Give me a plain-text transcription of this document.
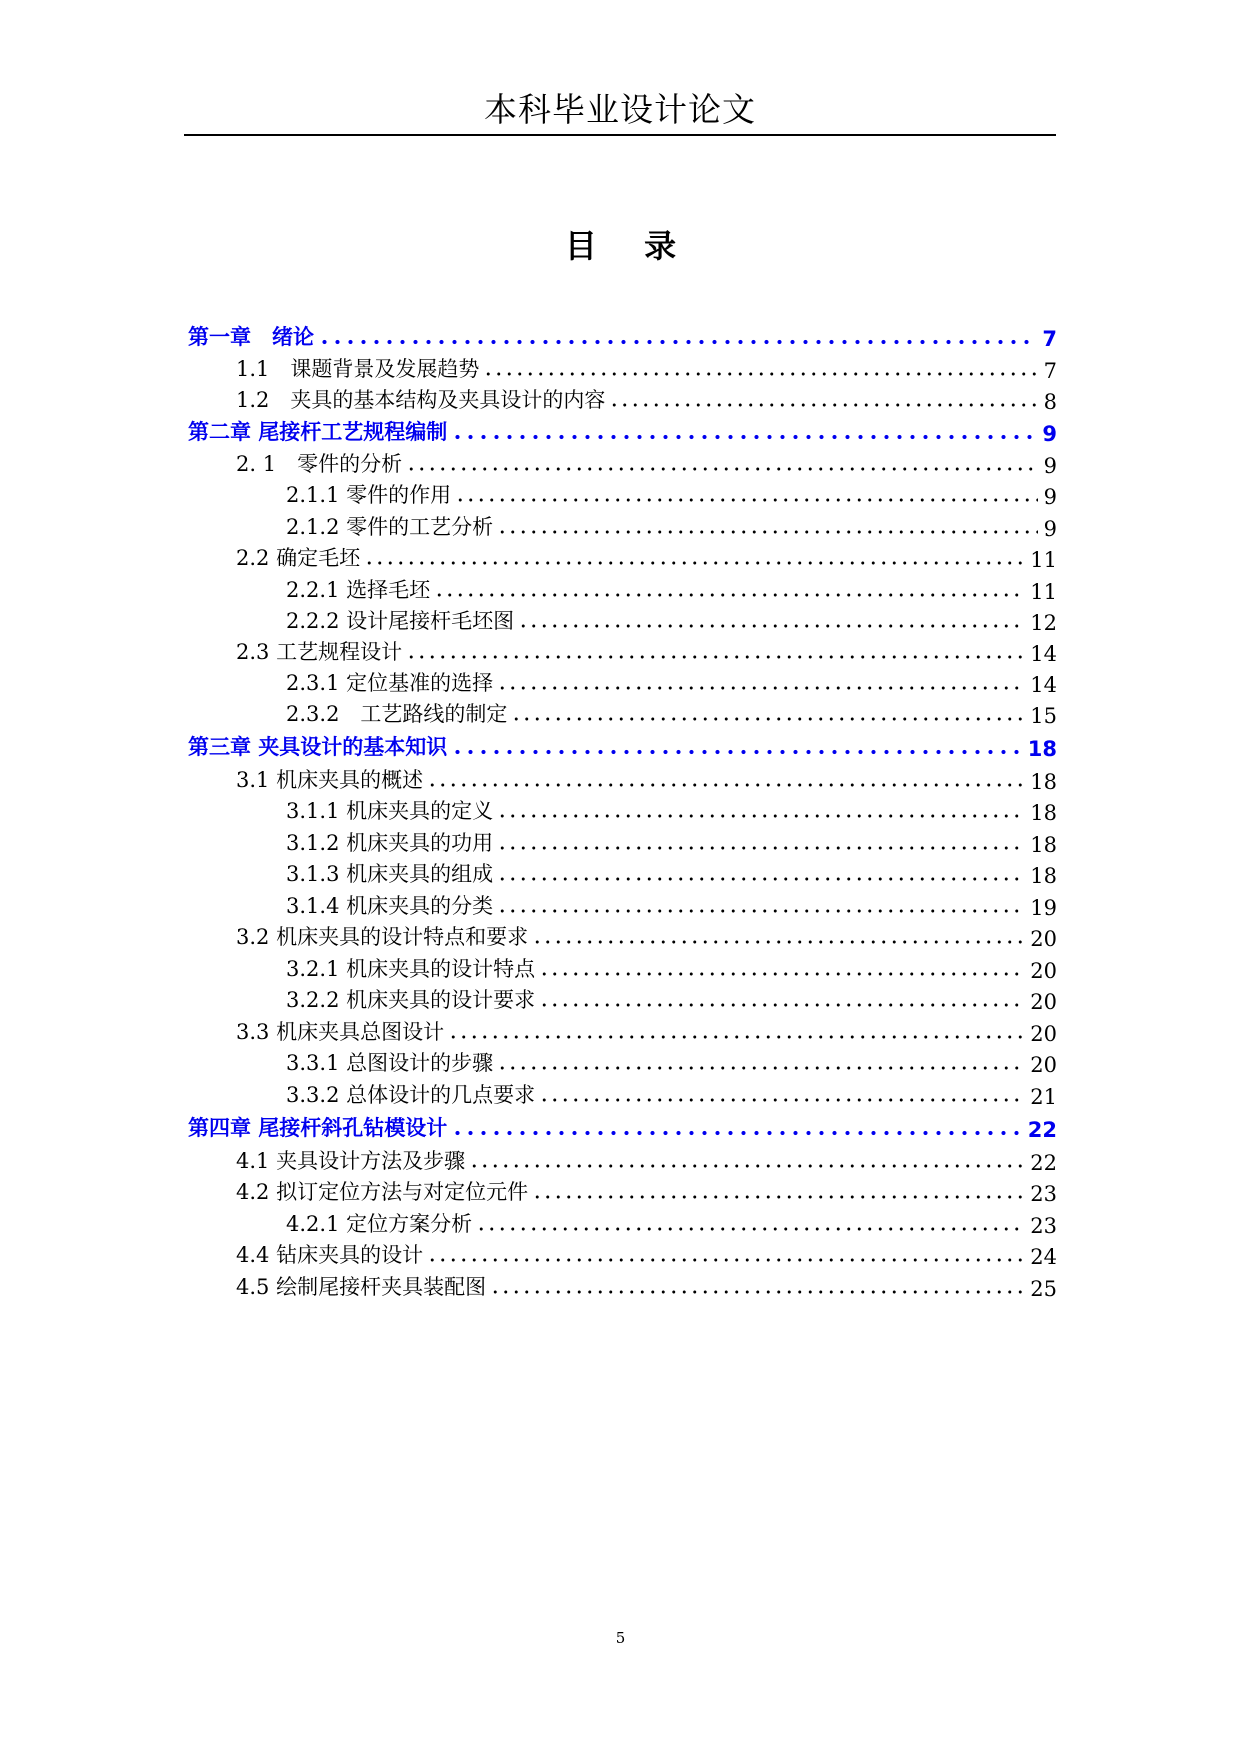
本科毕业设计论文
目 录
第一章　绪论	7
1.1　课题背景及发展趋势	7
1.2　夹具的基本结构及夹具设计的内容	8
第二章 尾接杆工艺规程编制	9
2. 1　零件的分析	9
2.1.1 零件的作用	9
2.1.2 零件的工艺分析	9
2.2 确定毛坯	11
2.2.1 选择毛坯	11
2.2.2 设计尾接杆毛坯图	12
2.3 工艺规程设计	14
2.3.1 定位基准的选择	14
2.3.2　工艺路线的制定	15
第三章 夹具设计的基本知识	18
3.1 机床夹具的概述	18
3.1.1 机床夹具的定义	18
3.1.2 机床夹具的功用	18
3.1.3 机床夹具的组成	18
3.1.4 机床夹具的分类	19
3.2 机床夹具的设计特点和要求	20
3.2.1 机床夹具的设计特点	20
3.2.2 机床夹具的设计要求	20
3.3 机床夹具总图设计	20
3.3.1 总图设计的步骤	20
3.3.2 总体设计的几点要求	21
第四章 尾接杆斜孔钻模设计	22
4.1 夹具设计方法及步骤	22
4.2 拟订定位方法与对定位元件	23
4.2.1 定位方案分析	23
4.4 钻床夹具的设计	24
4.5 绘制尾接杆夹具装配图	25
5
